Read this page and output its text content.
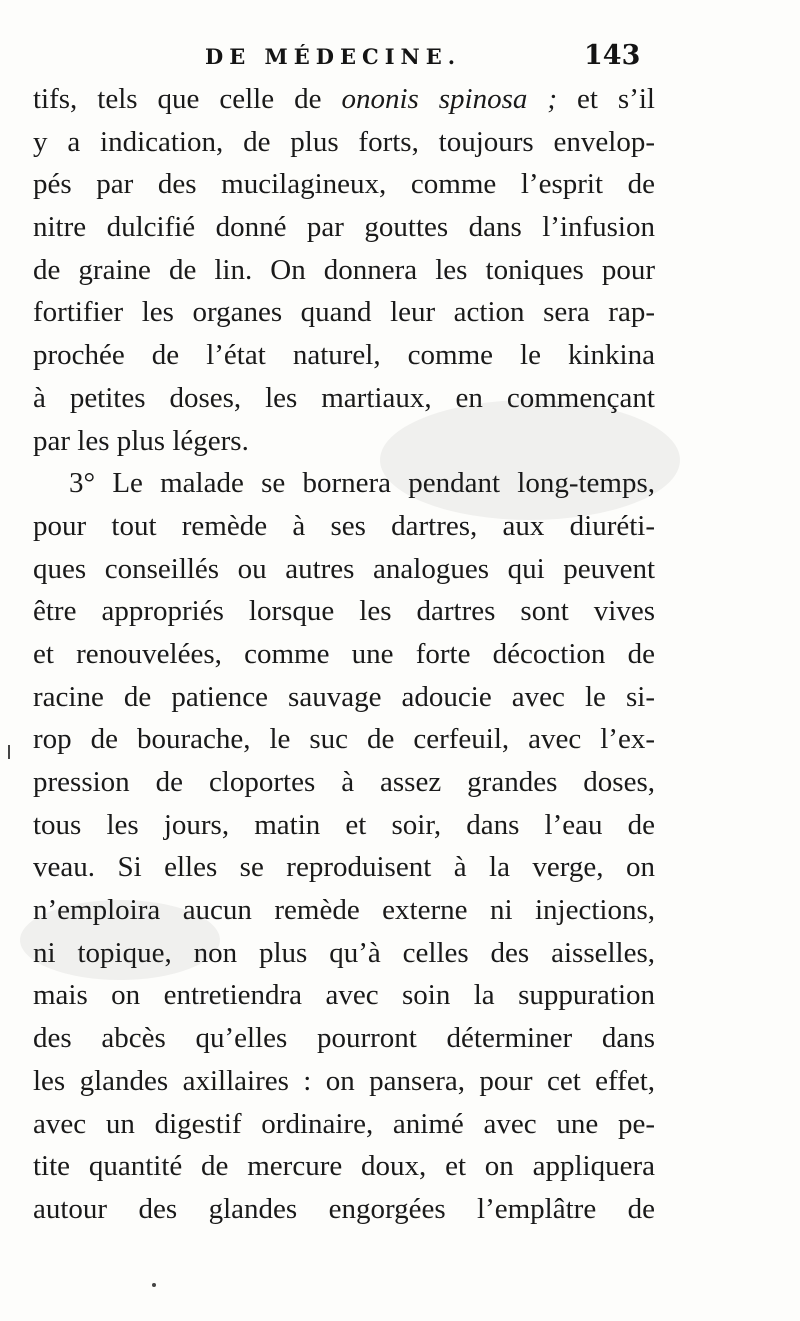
DE MÉDECINE.	143
tifs, tels que celle de ononis spinosa ; et s’il
y a indication, de plus forts, toujours envelop-
pés par des mucilagineux, comme l’esprit de
nitre dulcifié donné par gouttes dans l’infusion
de graine de lin. On donnera les toniques pour
fortifier les organes quand leur action sera rap-
prochée de l’état naturel, comme le kinkina
à petites doses, les martiaux, en commençant
par les plus légers.
3° Le malade se bornera pendant long-temps,
pour tout remède à ses dartres, aux diuréti-
ques conseillés ou autres analogues qui peuvent
être appropriés lorsque les dartres sont vives
et renouvelées, comme une forte décoction de
racine de patience sauvage adoucie avec le si-
rop de bourache, le suc de cerfeuil, avec l’ex-
pression de cloportes à assez grandes doses,
tous les jours, matin et soir, dans l’eau de
veau. Si elles se reproduisent à la verge, on
n’emploira aucun remède externe ni injections,
ni topique, non plus qu’à celles des aisselles,
mais on entretiendra avec soin la suppuration
des abcès qu’elles pourront déterminer dans
les glandes axillaires : on pansera, pour cet effet,
avec un digestif ordinaire, animé avec une pe-
tite quantité de mercure doux, et on appliquera
autour des glandes engorgées l’emplâtre de
